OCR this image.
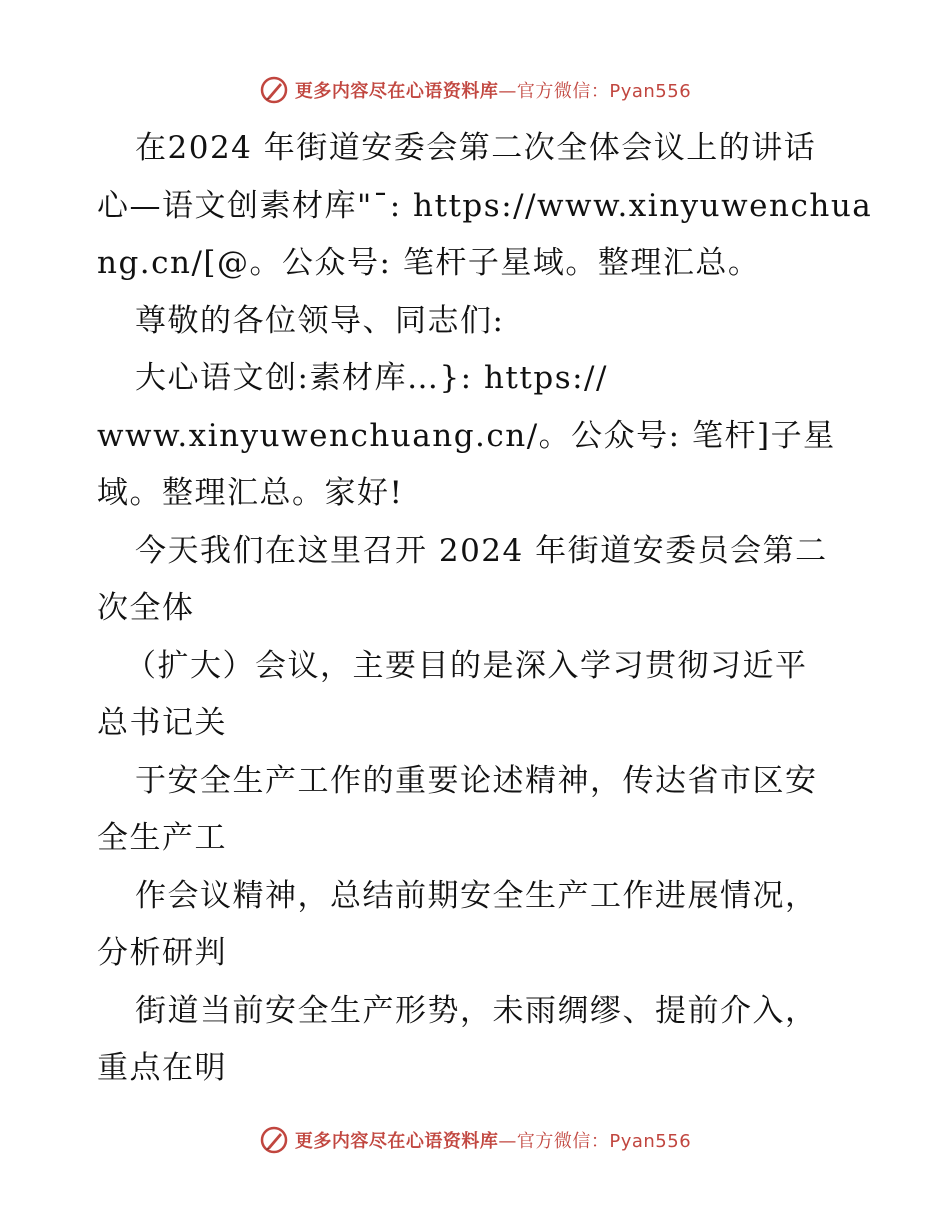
更多内容尽在心语资料库—官方微信：Pyan556
在2024 年街道安委会第二次全体会议上的讲话
心—语文创素材库"¯: https://www.xinyuwenchua
ng.cn/[@。公众号: 笔杆子星域。整理汇总。
尊敬的各位领导、同志们:
大心语文创:素材库…}: https://
www.xinyuwenchuang.cn/。公众号: 笔杆]子星
域。整理汇总。家好!
今天我们在这里召开 2024 年街道安委员会第二
次全体
（扩大）会议，主要目的是深入学习贯彻习近平
总书记关
于安全生产工作的重要论述精神，传达省市区安
全生产工
作会议精神，总结前期安全生产工作进展情况，
分析研判
街道当前安全生产形势，未雨绸缪、提前介入，
重点在明
更多内容尽在心语资料库—官方微信：Pyan556
